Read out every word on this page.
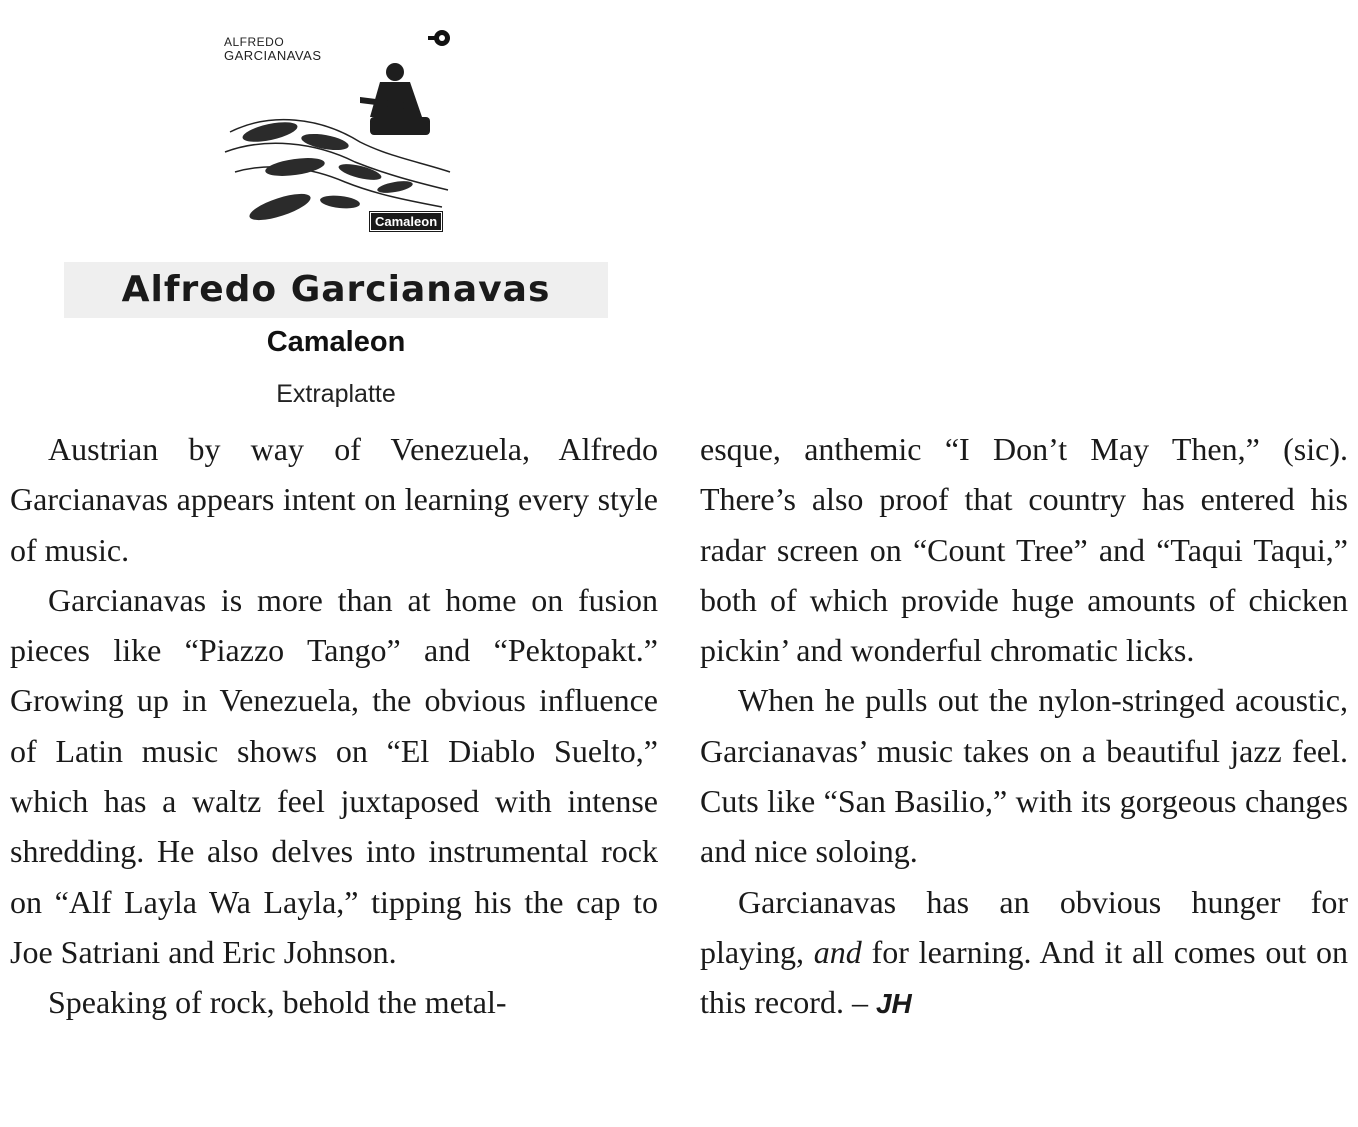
ALFREDO
GARCIANAVAS
Camaleon
Alfredo Garcianavas
Camaleon
Extraplatte

Austrian by way of Venezuela, Alfredo Garcianavas appears intent on learning every style of music.

Garcianavas is more than at home on fusion pieces like “Piazzo Tango” and “Pektopakt.” Growing up in Venezuela, the obvious influence of Latin music shows on “El Diablo Suelto,” which has a waltz feel juxtaposed with intense shredding. He also delves into instrumental rock on “Alf Layla Wa Layla,” tipping his the cap to Joe Satriani and Eric Johnson.

Speaking of rock, behold the metal-

esque, anthemic “I Don’t May Then,” (sic). There’s also proof that country has entered his radar screen on “Count Tree” and “Taqui Taqui,” both of which provide huge amounts of chicken pickin’ and wonderful chromatic licks.

When he pulls out the nylon-stringed acoustic, Garcianavas’ music takes on a beautiful jazz feel. Cuts like “San Basilio,” with its gorgeous changes and nice soloing.

Garcianavas has an obvious hunger for playing, and for learning. And it all comes out on this record. – JH
